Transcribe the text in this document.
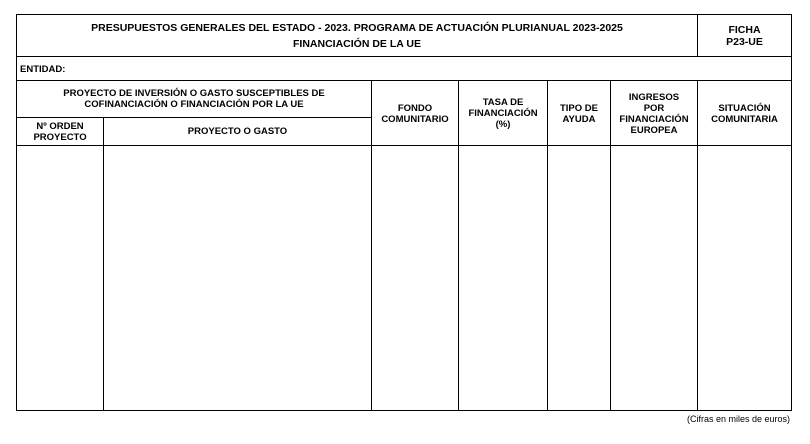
PRESUPUESTOS GENERALES DEL ESTADO - 2023. PROGRAMA DE ACTUACIÓN PLURIANUAL 2023-2025
FINANCIACIÓN DE LA UE
FICHA
P23-UE
ENTIDAD:
PROYECTO DE INVERSIÓN O GASTO SUSCEPTIBLES DE COFINANCIACIÓN O FINANCIACIÓN POR LA UE
Nº ORDEN PROYECTO	PROYECTO O GASTO
FONDO COMUNITARIO
TASA DE FINANCIACIÓN (%)
TIPO DE AYUDA
INGRESOS POR FINANCIACIÓN EUROPEA
SITUACIÓN COMUNITARIA
(Cifras en miles de euros)
